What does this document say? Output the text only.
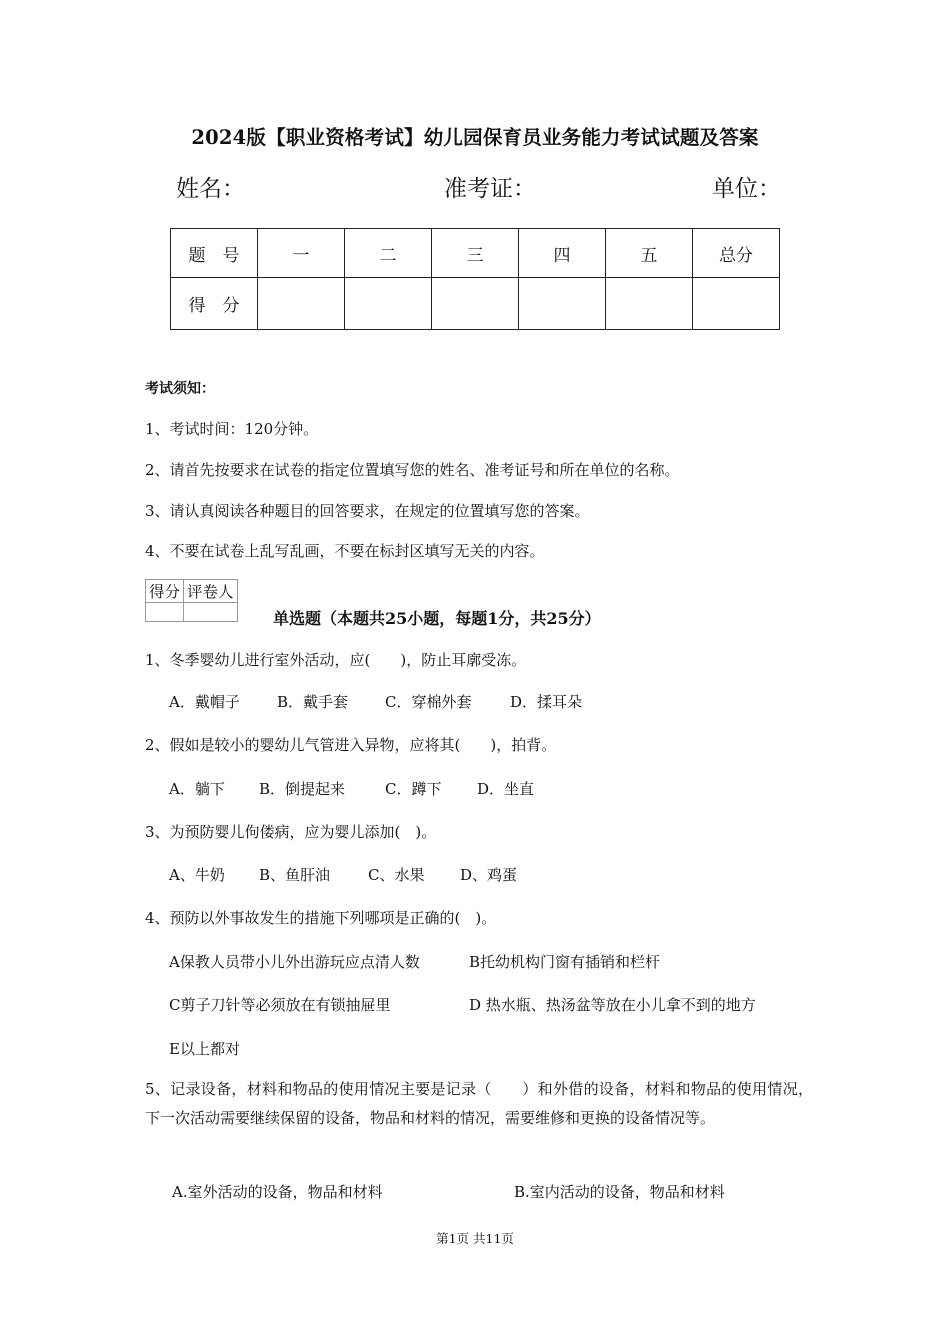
2024版【职业资格考试】幼儿园保育员业务能力考试试题及答案
姓名：	准考证：	单位：
题　号	一	二	三	四	五	总分
得　分						
考试须知：
1、考试时间：120分钟。
2、请首先按要求在试卷的指定位置填写您的姓名、准考证号和所在单位的名称。
3、请认真阅读各种题目的回答要求，在规定的位置填写您的答案。
4、不要在试卷上乱写乱画，不要在标封区填写无关的内容。
得分	评卷人

单选题（本题共25小题，每题1分，共25分）
1、冬季婴幼儿进行室外活动，应(　　)，防止耳廓受冻。
A．戴帽子 B．戴手套 C．穿棉外套	D．揉耳朵
2、假如是较小的婴幼儿气管进入异物，应将其(　　)，拍背。
A．躺下 B．倒提起来	C．蹲下 D．坐直
3、为预防婴儿佝偻病，应为婴儿添加(　)。
A、牛奶 B、鱼肝油	C、水果 D、鸡蛋
4、预防以外事故发生的措施下列哪项是正确的(　)。
A保教人员带小儿外出游玩应点清人数	B托幼机构门窗有插销和栏杆
C剪子刀针等必须放在有锁抽屉里	D 热水瓶、热汤盆等放在小儿拿不到的地方
E以上都对
5、记录设备，材料和物品的使用情况主要是记录（　　）和外借的设备，材料和物品的使用情况，下一次活动需要继续保留的设备，物品和材料的情况，需要维修和更换的设备情况等。
A.室外活动的设备，物品和材料	B.室内活动的设备，物品和材料
第1页 共11页
